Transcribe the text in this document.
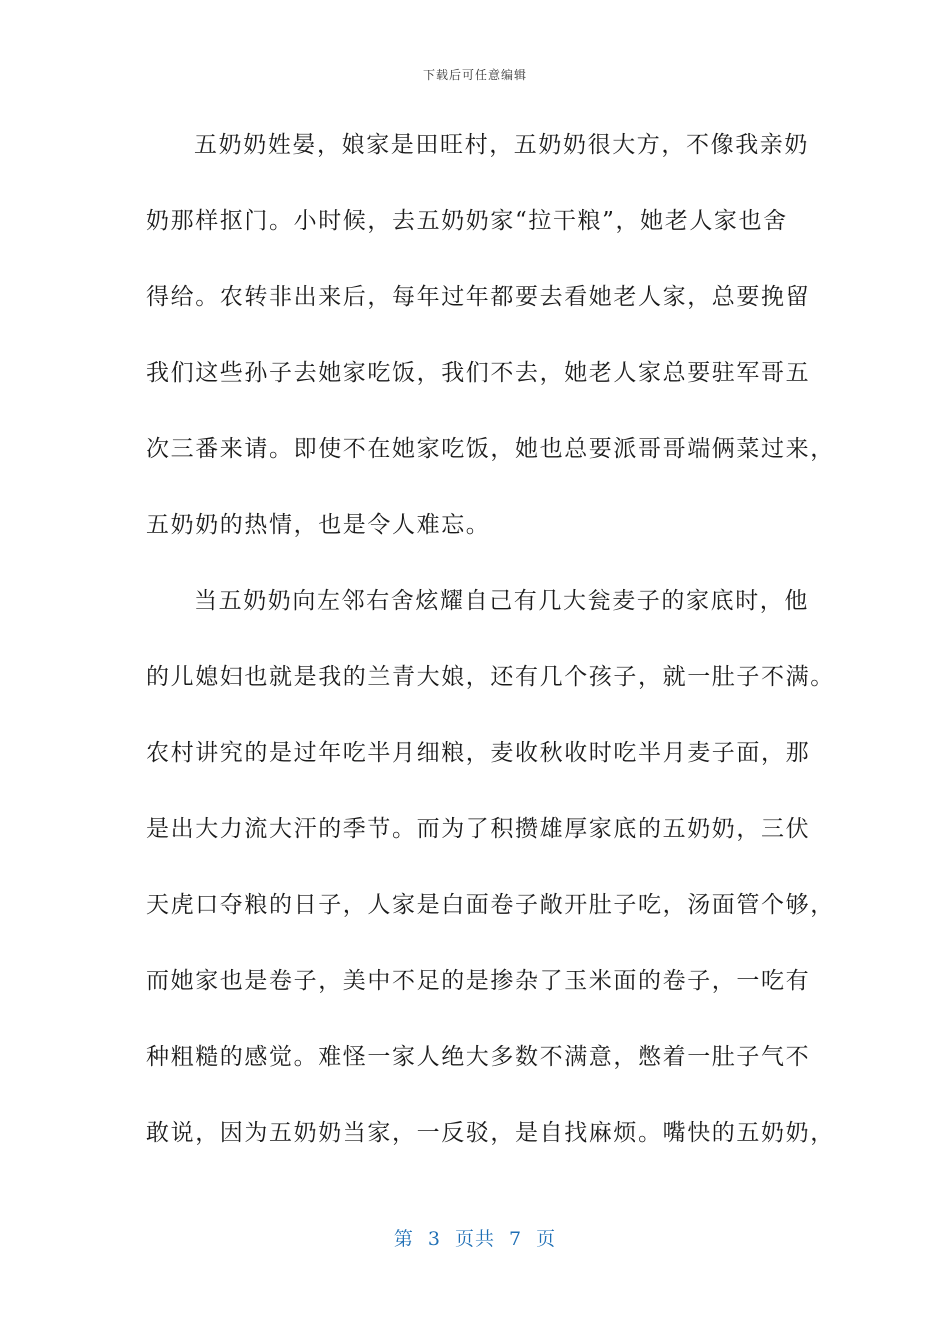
下载后可任意编辑
五奶奶姓晏，娘家是田旺村，五奶奶很大方，不像我亲奶
奶那样抠门。小时候，去五奶奶家“拉干粮”，她老人家也舍
得给。农转非出来后，每年过年都要去看她老人家，总要挽留
我们这些孙子去她家吃饭，我们不去，她老人家总要驻军哥五
次三番来请。即使不在她家吃饭，她也总要派哥哥端俩菜过来，
五奶奶的热情，也是令人难忘。
当五奶奶向左邻右舍炫耀自己有几大瓮麦子的家底时，他
的儿媳妇也就是我的兰青大娘，还有几个孩子，就一肚子不满。
农村讲究的是过年吃半月细粮，麦收秋收时吃半月麦子面，那
是出大力流大汗的季节。而为了积攒雄厚家底的五奶奶，三伏
天虎口夺粮的日子，人家是白面卷子敞开肚子吃，汤面管个够，
而她家也是卷子，美中不足的是掺杂了玉米面的卷子，一吃有
种粗糙的感觉。难怪一家人绝大多数不满意，憋着一肚子气不
敢说，因为五奶奶当家，一反驳，是自找麻烦。嘴快的五奶奶，
第 3 页共 7 页
